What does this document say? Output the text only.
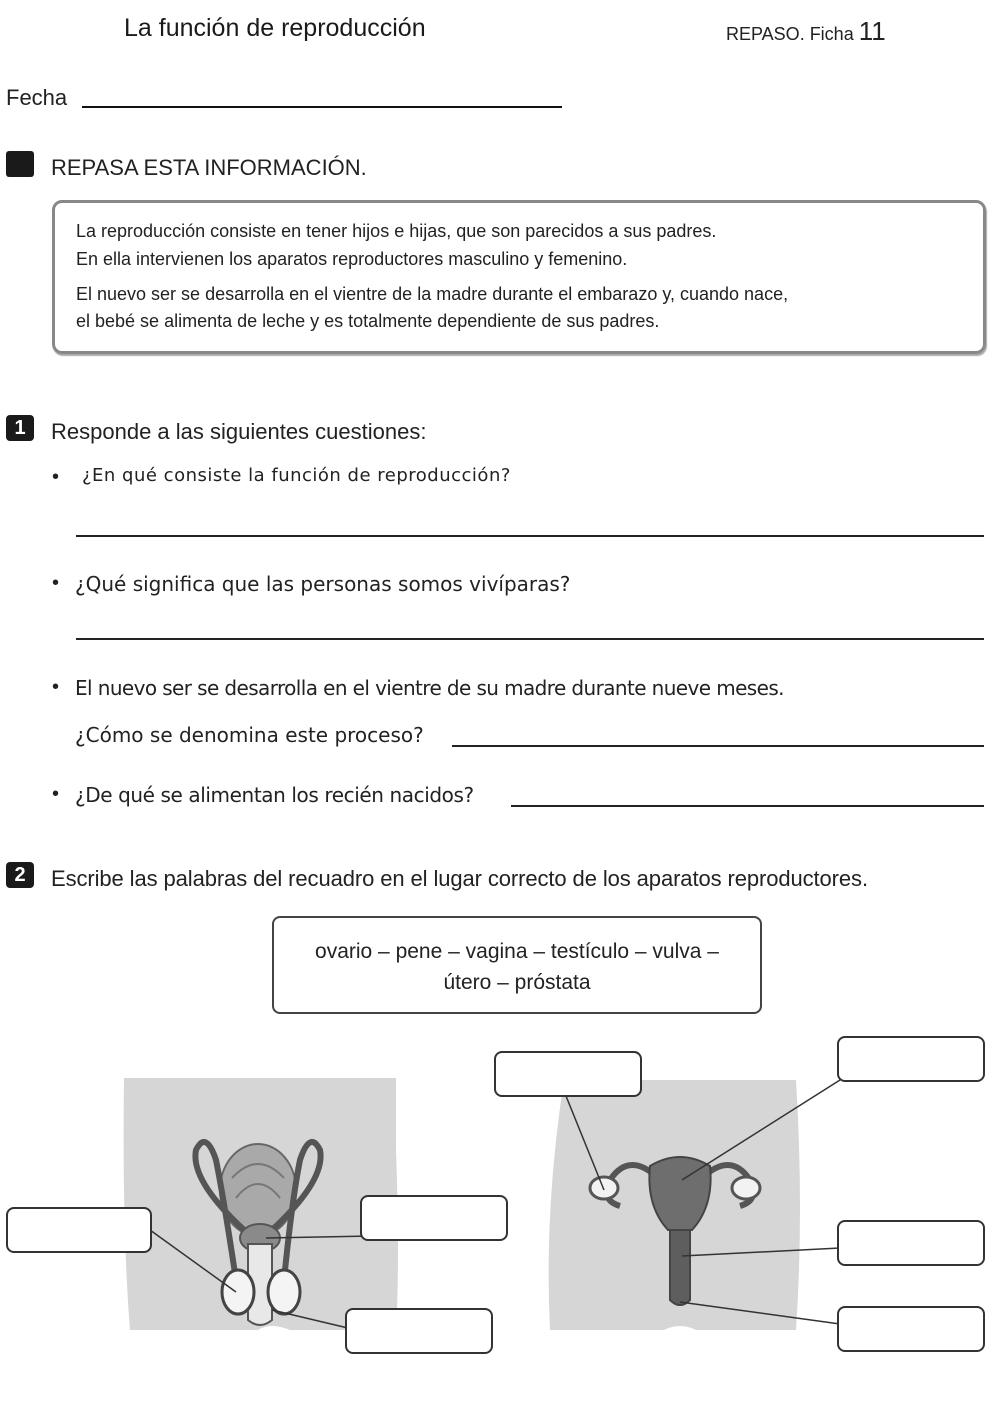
La función de reproducción	REPASO. Ficha 11
Fecha
REPASA ESTA INFORMACIÓN.
La reproducción consiste en tener hijos e hijas, que son parecidos a sus padres.
En ella intervienen los aparatos reproductores masculino y femenino.
El nuevo ser se desarrolla en el vientre de la madre durante el embarazo y, cuando nace,
el bebé se alimenta de leche y es totalmente dependiente de sus padres.
1	Responde a las siguientes cuestiones:
• ¿En qué consiste la función de reproducción?
• ¿Qué significa que las personas somos vivíparas?
• El nuevo ser se desarrolla en el vientre de su madre durante nueve meses.
¿Cómo se denomina este proceso?
• ¿De qué se alimentan los recién nacidos?
2	Escribe las palabras del recuadro en el lugar correcto de los aparatos reproductores.
ovario – pene – vagina – testículo – vulva –
útero – próstata
